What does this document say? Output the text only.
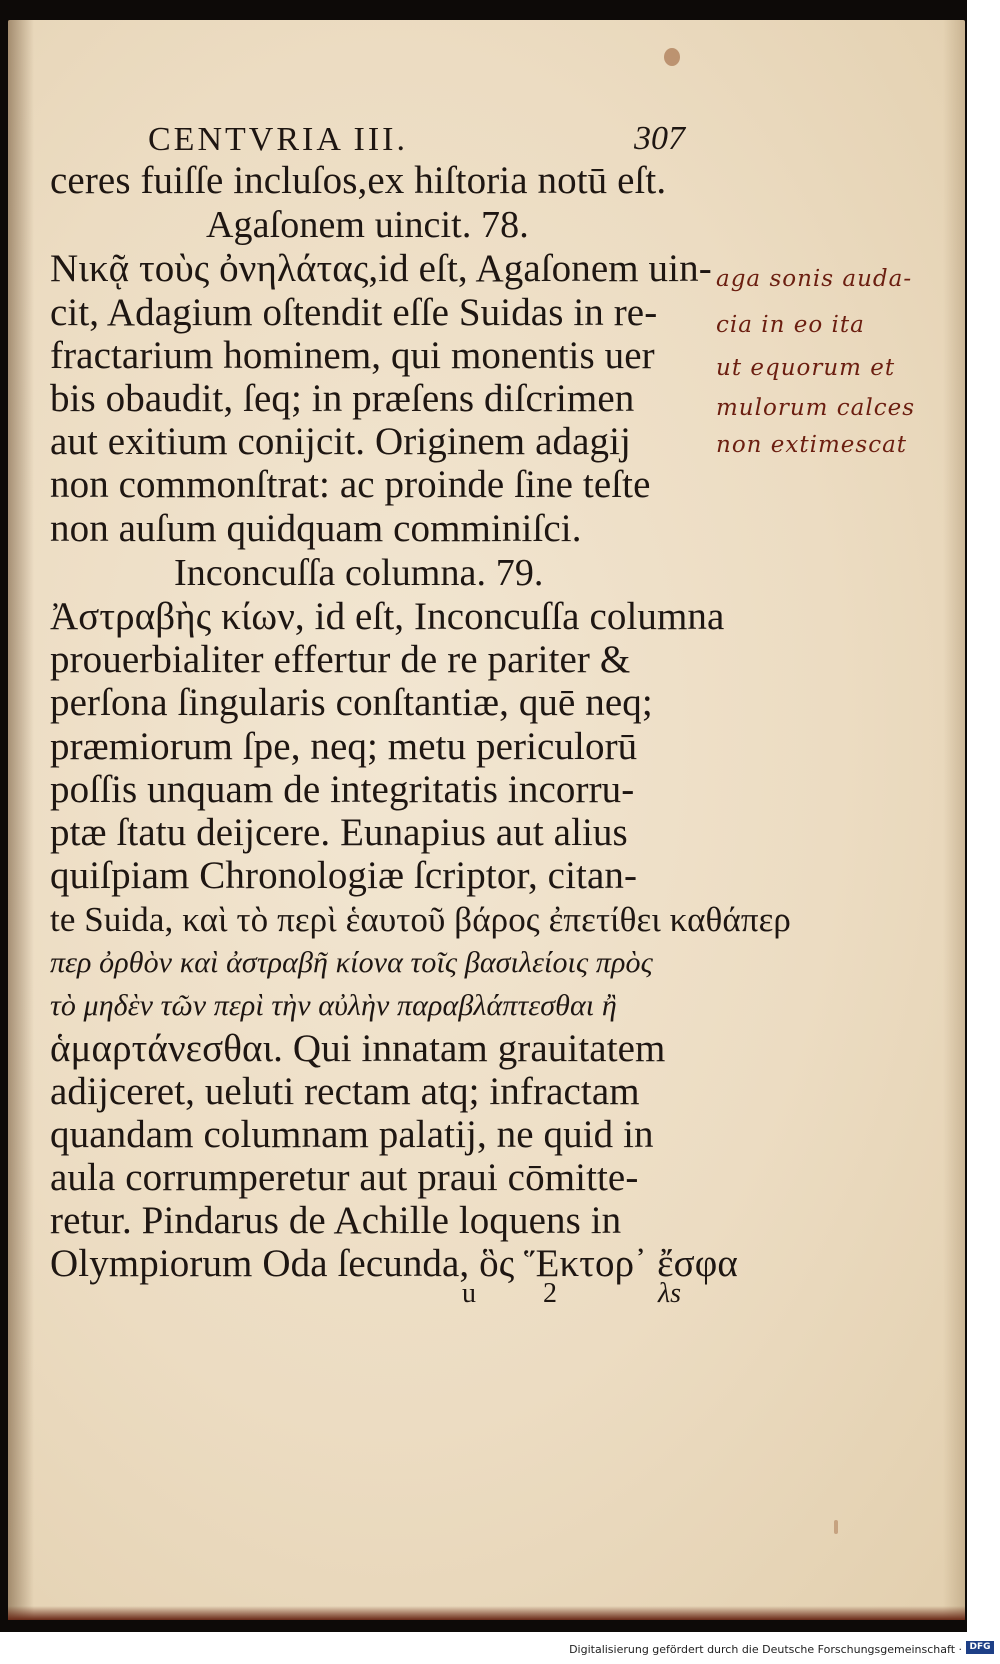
CENTVRIA III.	307
ceres fuiſſe incluſos,ex hiſtoria notū eſt.
Agaſonem uincit. 78.
Νικᾷ τοὺς ὀνηλάτας,id eſt, Agaſonem uin-
cit, Adagium oſtendit eſſe Suidas in re-
fractarium hominem, qui monentis uer
bis obaudit, ſeq; in præſens diſcrimen
aut exitium conijcit. Originem adagij
non commonſtrat: ac proinde ſine teſte
non auſum quidquam comminiſci.
Inconcuſſa columna. 79.
Ἀστραβὴς κίων, id eſt, Inconcuſſa columna
prouerbialiter effertur de re pariter &
perſona ſingularis conſtantiæ, quē neq;
præmiorum ſpe, neq; metu periculorū
poſſis unquam de integritatis incorru-
ptæ ſtatu deijcere. Eunapius aut alius
quiſpiam Chronologiæ ſcriptor, citan-
te Suida, καὶ τὸ περὶ ἑαυτοῦ βάρος ἐπετίθει καθάπερ
περ ὀρθὸν καὶ ἀστραβῆ κίονα τοῖς βασιλείοις πρὸς
τὸ μηδὲν τῶν περὶ τὴν αὐλὴν παραβλάπτεσθαι ἢ
ἁμαρτάνεσθαι. Qui innatam grauitatem
adijceret, ueluti rectam atq; infractam
quandam columnam palatij, ne quid in
aula corrumperetur aut praui cōmitte-
retur. Pindarus de Achille loquens in
Olympiorum Oda ſecunda, ὃς Ἕκτορ᾽ ἔσφα
u 2	λs
aga sonis auda-
cia in eo ita
ut equorum et
mulorum calces
non extimescat
Digitalisierung gefördert durch die Deutsche Forschungsgemeinschaft · DFG
